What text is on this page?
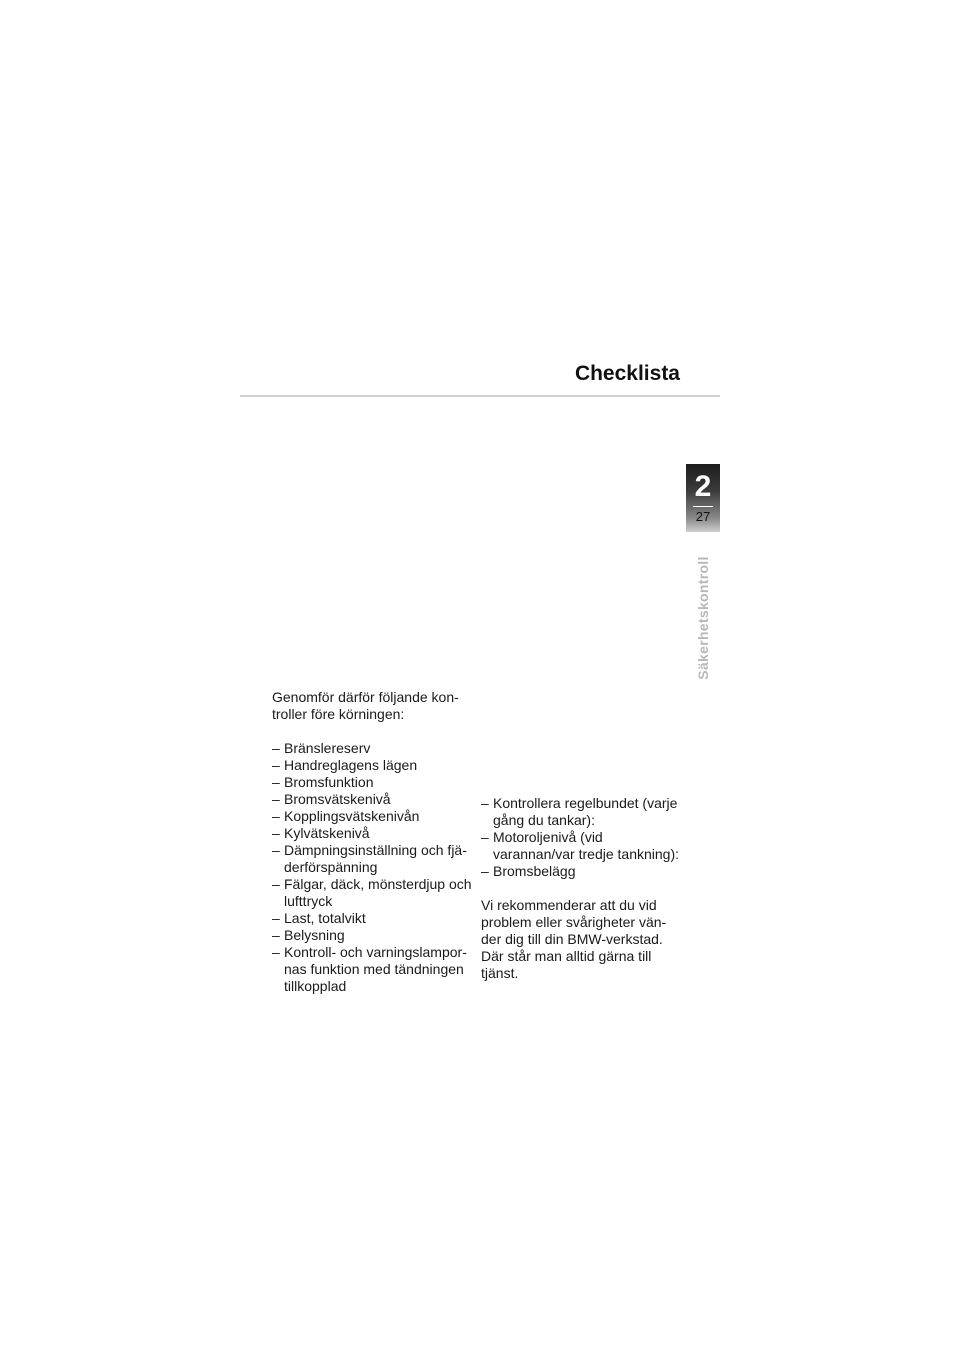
Checklista
2
27
Säkerhetskontroll

Genomför därför följande kon-troller före körningen:

– Bränslereserv
– Handreglagens lägen
– Bromsfunktion
– Bromsvätskenivå
– Kopplingsvätskenivån
– Kylvätskenivå
– Dämpningsinställning och fjä-derförspänning
– Fälgar, däck, mönsterdjup och lufttryck
– Last, totalvikt
– Belysning
– Kontroll- och varningslampor-nas funktion med tändningen tillkopplad
– Kontrollera regelbundet (varje gång du tankar):
– Motoroljenivå (vid varannan/var tredje tankning):
– Bromsbelägg

Vi rekommenderar att du vid problem eller svårigheter vän-der dig till din BMW-verkstad. Där står man alltid gärna till tjänst.
